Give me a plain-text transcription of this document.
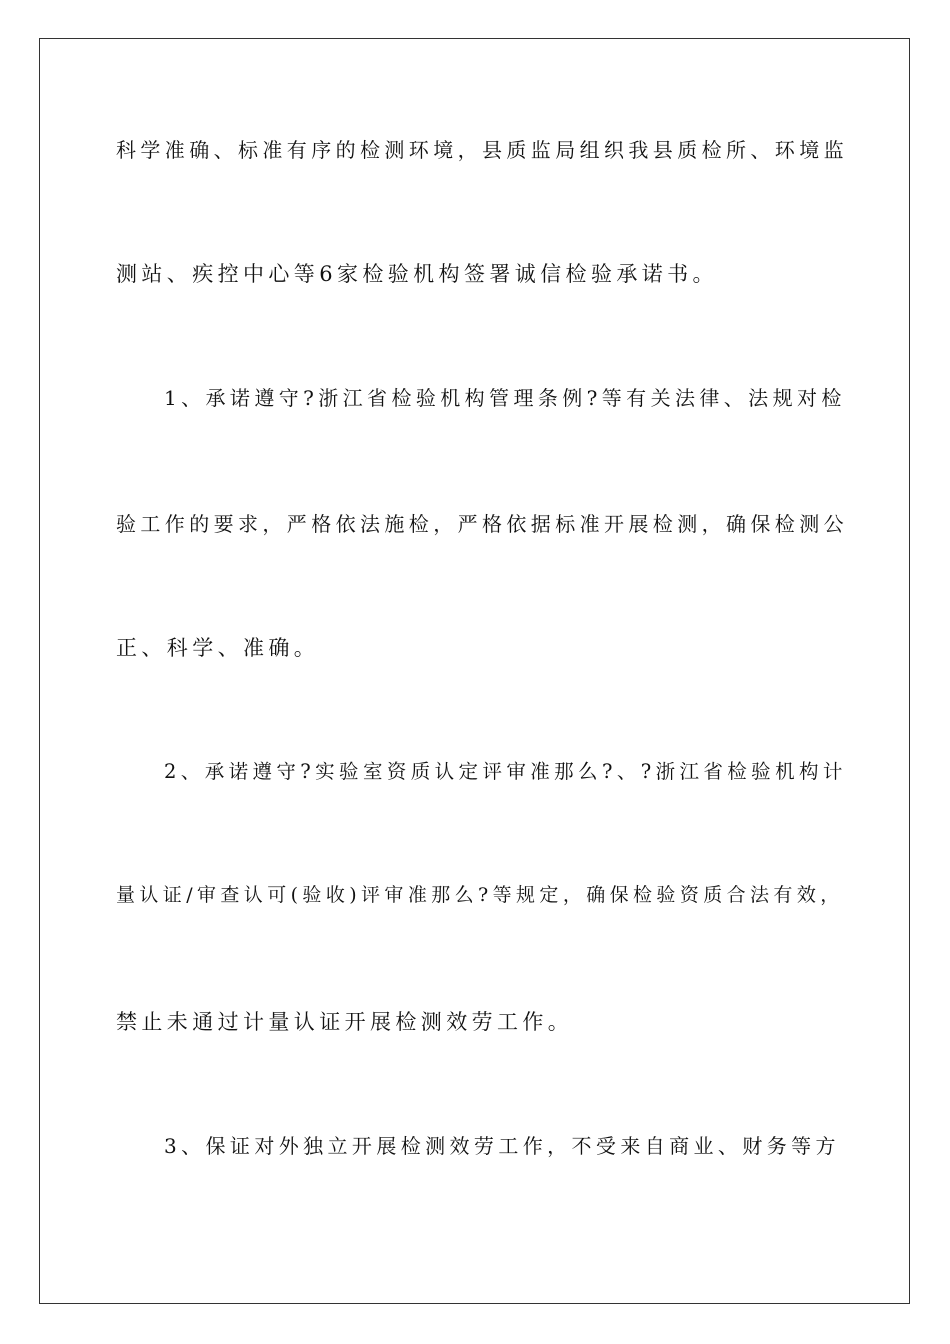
科学准确、标准有序的检测环境，县质监局组织我县质检所、环境监

测站、疾控中心等6家检验机构签署诚信检验承诺书。

1、承诺遵守?浙江省检验机构管理条例?等有关法律、法规对检

验工作的要求，严格依法施检，严格依据标准开展检测，确保检测公

正、科学、准确。

2、承诺遵守?实验室资质认定评审准那么?、?浙江省检验机构计

量认证/审查认可(验收)评审准那么?等规定，确保检验资质合法有效，

禁止未通过计量认证开展检测效劳工作。

3、保证对外独立开展检测效劳工作，不受来自商业、财务等方
